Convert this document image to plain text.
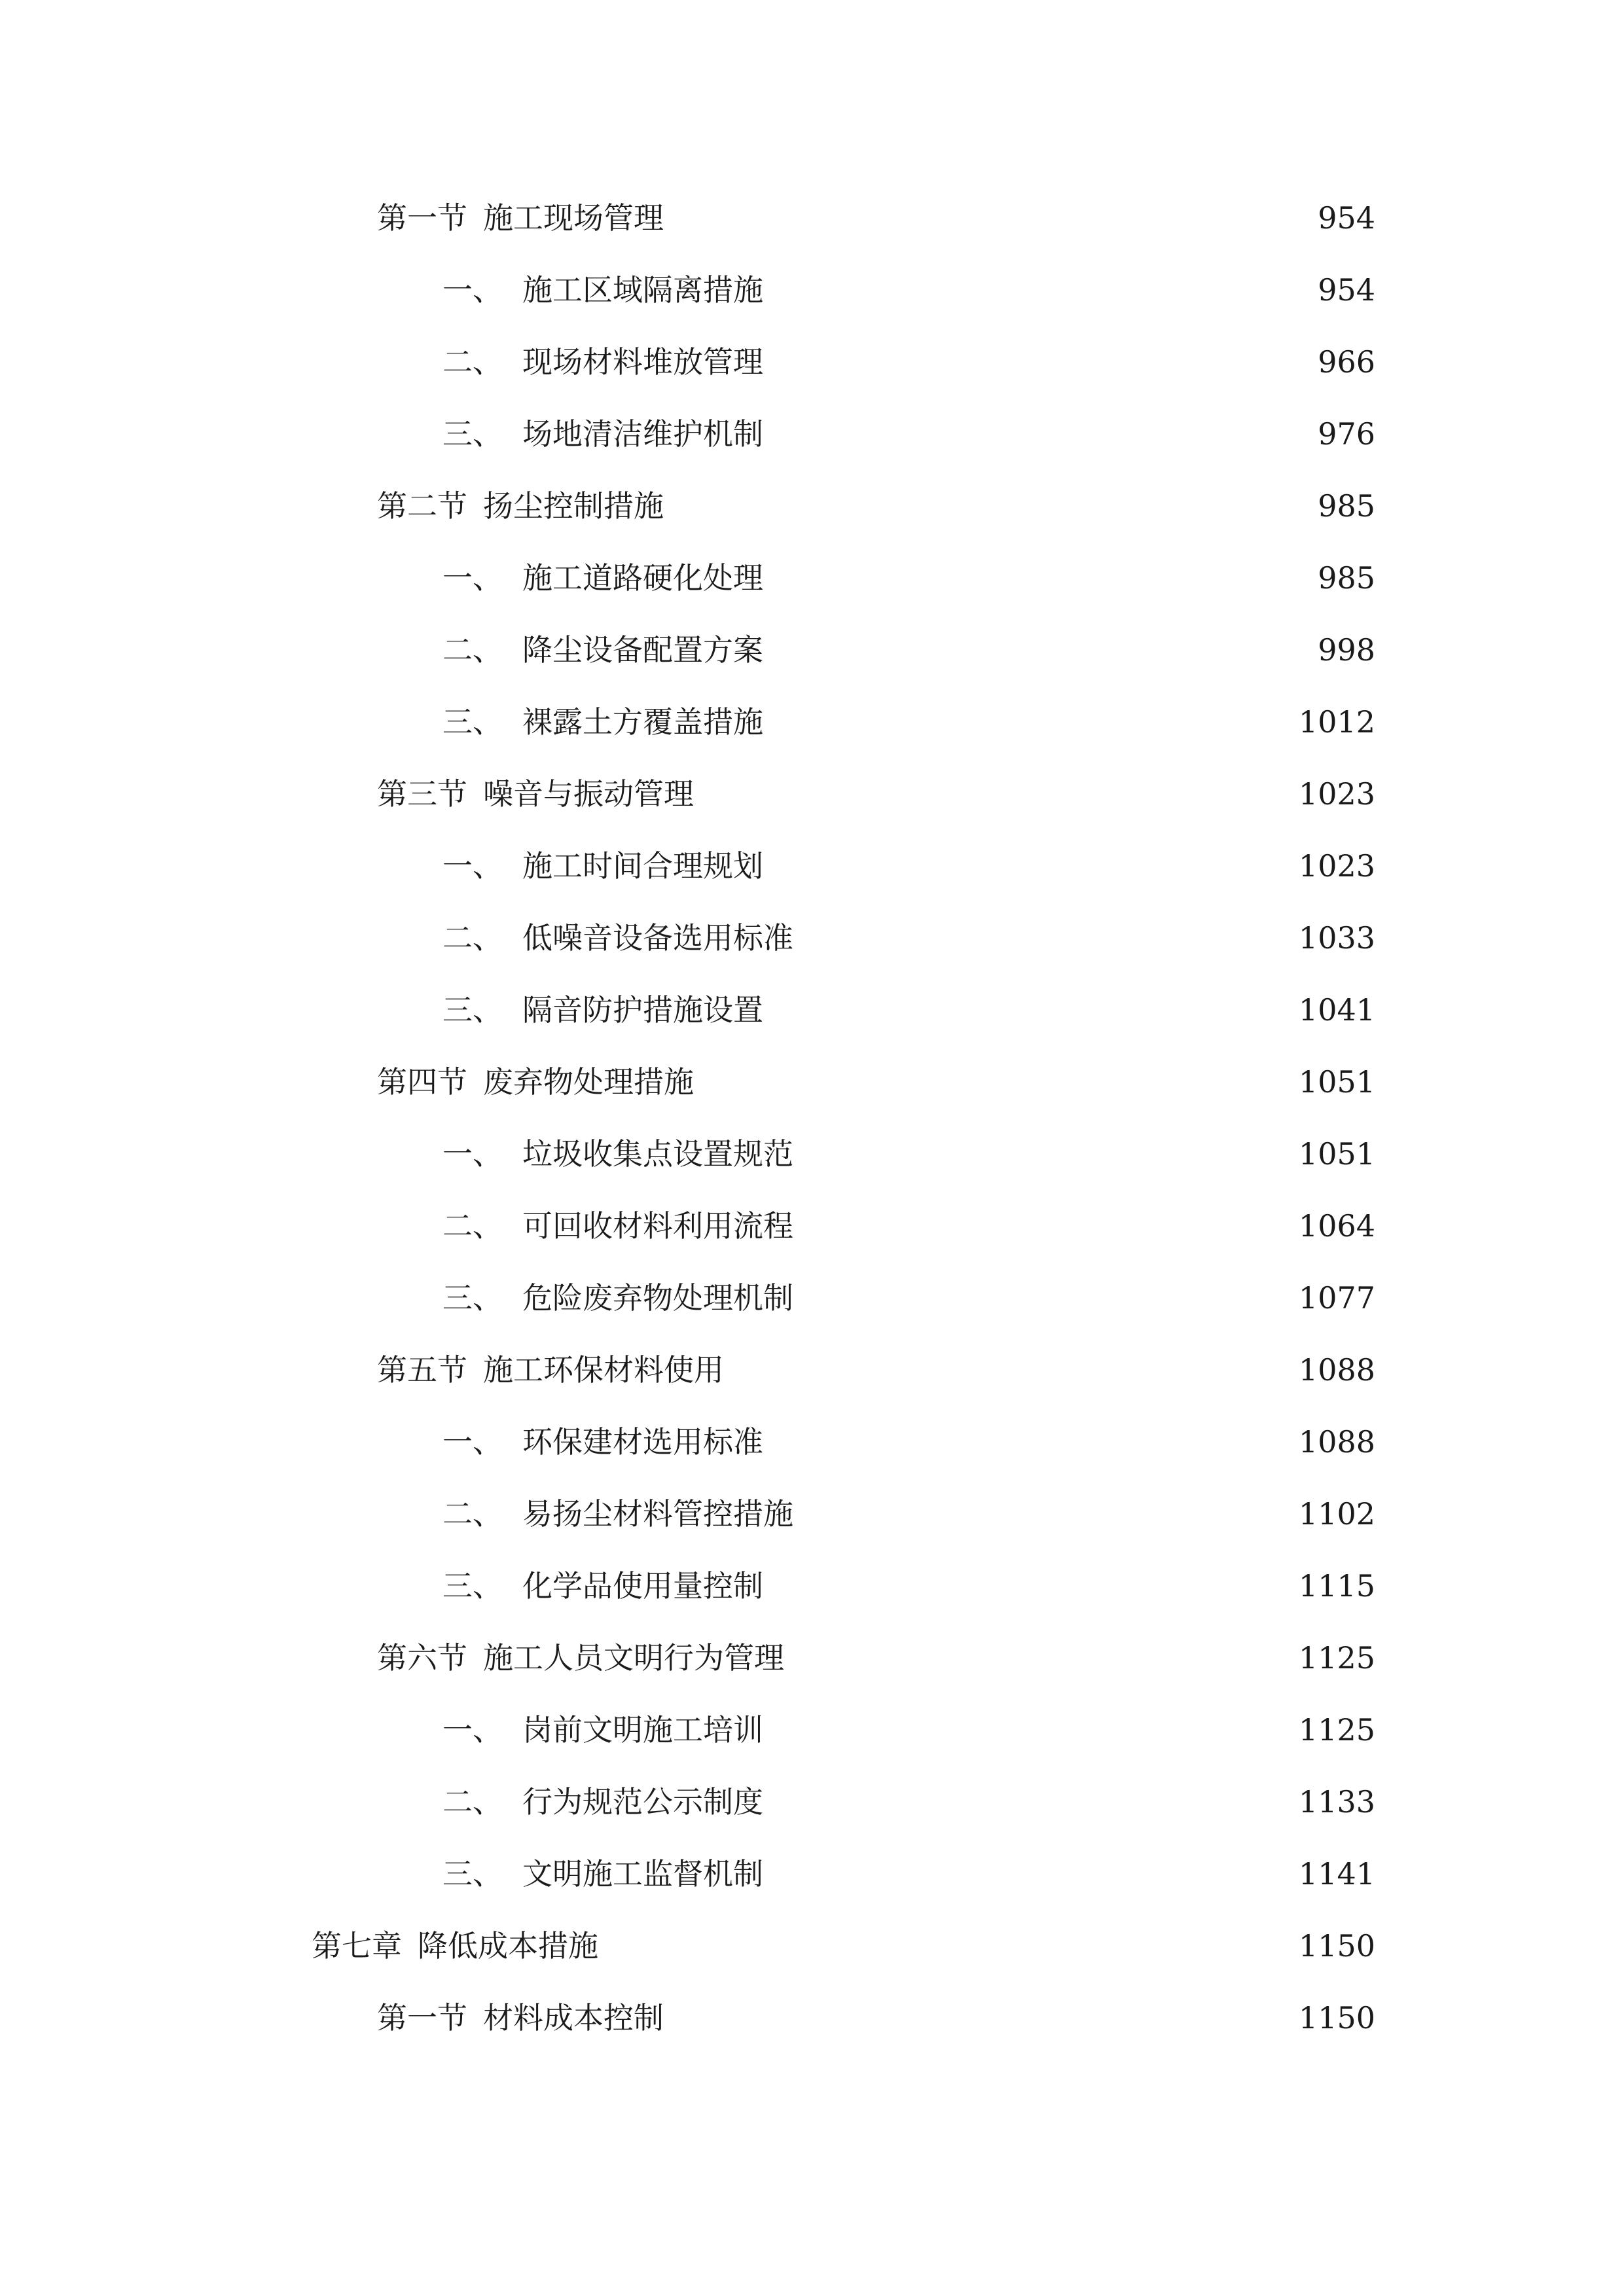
第一节 施工现场管理	954
一、 施工区域隔离措施	954
二、 现场材料堆放管理	966
三、 场地清洁维护机制	976
第二节 扬尘控制措施	985
一、 施工道路硬化处理	985
二、 降尘设备配置方案	998
三、 裸露土方覆盖措施	1012
第三节 噪音与振动管理	1023
一、 施工时间合理规划	1023
二、 低噪音设备选用标准	1033
三、 隔音防护措施设置	1041
第四节 废弃物处理措施	1051
一、 垃圾收集点设置规范	1051
二、 可回收材料利用流程	1064
三、 危险废弃物处理机制	1077
第五节 施工环保材料使用	1088
一、 环保建材选用标准	1088
二、 易扬尘材料管控措施	1102
三、 化学品使用量控制	1115
第六节 施工人员文明行为管理	1125
一、 岗前文明施工培训	1125
二、 行为规范公示制度	1133
三、 文明施工监督机制	1141
第七章 降低成本措施	1150
第一节 材料成本控制	1150
